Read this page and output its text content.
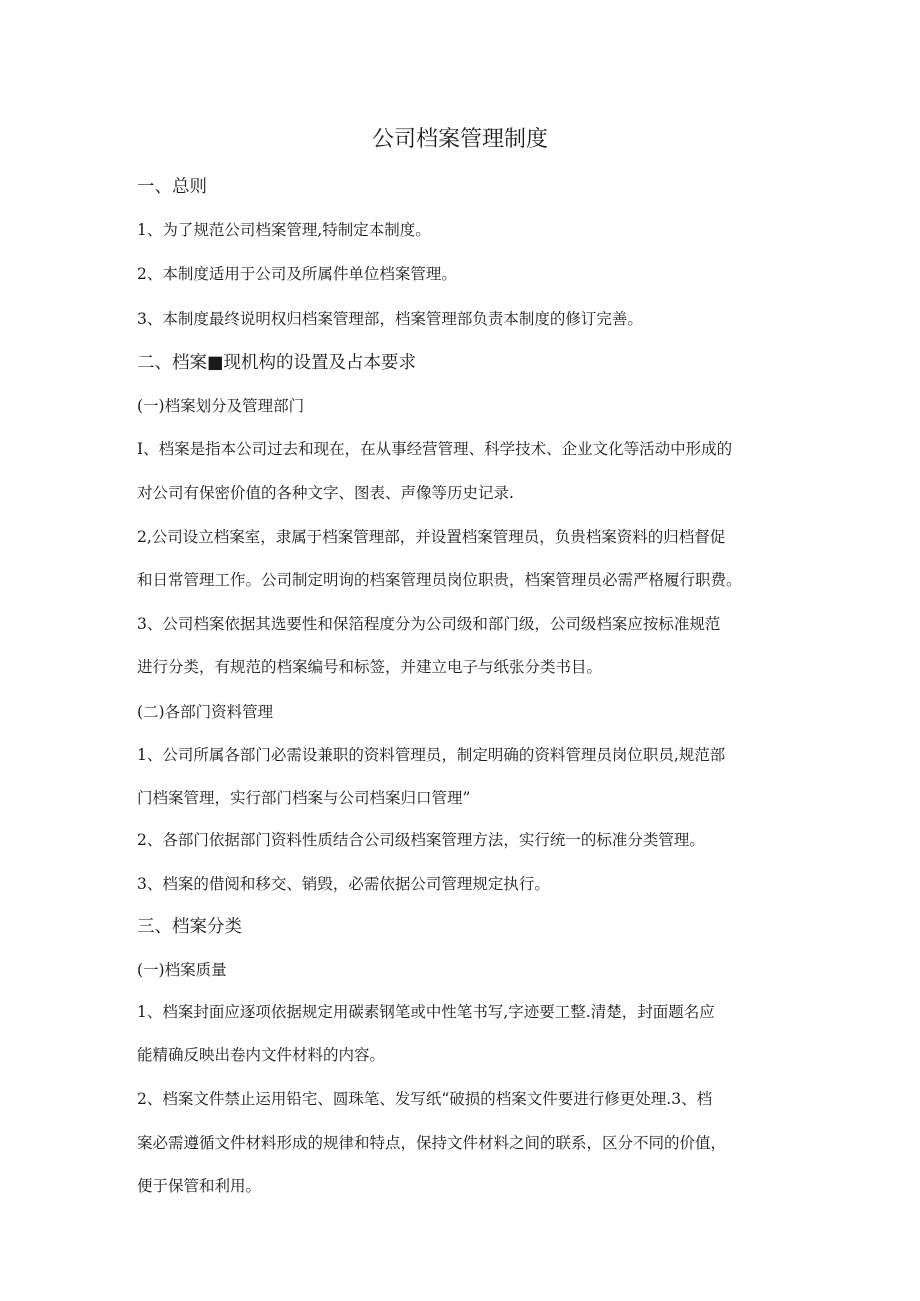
公司档案管理制度
一、总则
1、为了规范公司档案管理,特制定本制度。
2、本制度适用于公司及所属件单位档案管理。
3、本制度最终说明权归档案管理部，档案管理部负责本制度的修订完善。
二、档案■现机构的设置及占本要求
(一)档案划分及管理部门
I、档案是指本公司过去和现在，在从事经营管理、科学技术、企业文化等活动中形成的
对公司有保密价值的各种文字、图表、声像等历史记录.
2,公司设立档案室，隶属于档案管理部，并设置档案管理员，负贵档案资料的归档督促
和日常管理工作。公司制定明询的档案管理员岗位职贵，档案管理员必需严格履行职费。
3、公司档案依据其选要性和保箔程度分为公司级和部门级，公司级档案应按标准规范
进行分类，有规范的档案编号和标签，并建立电子与纸张分类书目。
(二)各部门资料管理
1、公司所属各部门必需设兼职的资料管理员，制定明确的资料管理员岗位职员,规范部
门档案管理，实行部门档案与公司档案归口管理”
2、各部门依据部门资料性质结合公司级档案管理方法，实行统一的标准分类管理。
3、档案的借阅和移交、销毁，必需依据公司管理规定执行。
三、档案分类
(一)档案质量
1、档案封面应逐项依据规定用碳素钢笔或中性笔书写,字迹要工整.清楚，封面题名应
能精确反映出卷内文件材料的内容。
2、档案文件禁止运用铅宅、圆珠笔、发写纸“破损的档案文件要进行修更处理.3、档
案必需遵循文件材料形成的规律和特点，保持文件材料之间的联系，区分不同的价值，
便于保管和利用。
